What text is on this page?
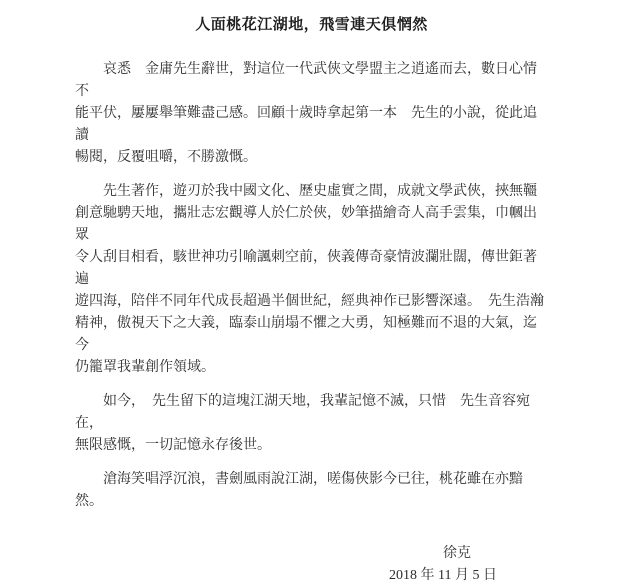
人面桃花江湖地，飛雪連天俱惘然
哀悉　金庸先生辭世，對這位一代武俠文學盟主之逍遙而去，數日心情不
能平伏，屢屢舉筆難盡己感。回顧十歲時拿起第一本　先生的小說，從此追讀
暢閱，反覆咀嚼，不勝激慨。
先生著作，遊刃於我中國文化、歷史虛實之間，成就文學武俠，挾無韁
創意馳騁天地，攜壯志宏觀導人於仁於俠，妙筆描繪奇人高手雲集，巾幗出眾
令人刮目相看，駭世神功引喻諷刺空前，俠義傳奇豪情波瀾壯闊，傳世鉅著遍
遊四海，陪伴不同年代成長超過半個世紀，經典神作已影響深遠。　先生浩瀚
精神，傲視天下之大義，臨泰山崩塌不懼之大勇，知極難而不退的大氣，迄今
仍籠罩我輩創作領域。
如今，　先生留下的這塊江湖天地，我輩記憶不滅，只惜　先生音容宛在，
無限感慨，一切記憶永存後世。
滄海笑唱浮沉浪，書劍風雨說江湖，嗟傷俠影今已往，桃花雖在亦黯然。
徐克
2018 年 11 月 5 日
